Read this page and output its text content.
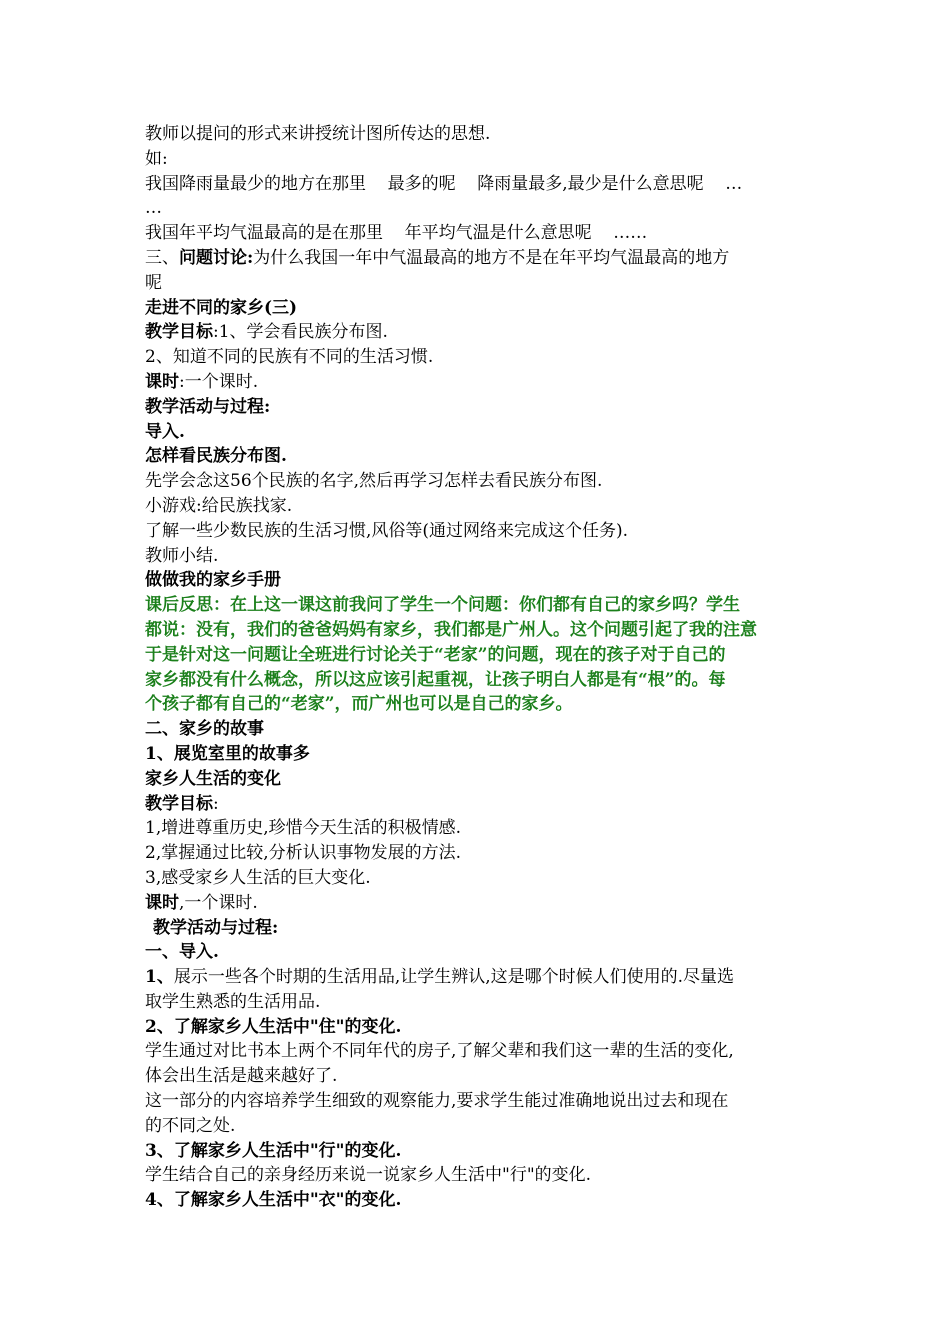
教师以提问的形式来讲授统计图所传达的思想.
如:
我国降雨量最少的地方在那里    最多的呢    降雨量最多,最少是什么意思呢    …
…
我国年平均气温最高的是在那里    年平均气温是什么意思呢    ……
三、问题讨论:为什么我国一年中气温最高的地方不是在年平均气温最高的地方
呢
走进不同的家乡(三)
教学目标:1、学会看民族分布图.
2、知道不同的民族有不同的生活习惯.
课时:一个课时.
教学活动与过程:
导入.
怎样看民族分布图.
先学会念这56个民族的名字,然后再学习怎样去看民族分布图.
小游戏:给民族找家.
了解一些少数民族的生活习惯,风俗等(通过网络来完成这个任务).
教师小结.
做做我的家乡手册
课后反思：在上这一课这前我问了学生一个问题：你们都有自己的家乡吗？学生
都说：没有，我们的爸爸妈妈有家乡，我们都是广州人。这个问题引起了我的注意
于是针对这一问题让全班进行讨论关于“老家”的问题，现在的孩子对于自己的
家乡都没有什么概念，所以这应该引起重视，让孩子明白人都是有“根”的。每
个孩子都有自己的“老家”，而广州也可以是自己的家乡。
二、家乡的故事
1、展览室里的故事多
家乡人生活的变化
教学目标:
1,增进尊重历史,珍惜今天生活的积极情感.
2,掌握通过比较,分析认识事物发展的方法.
3,感受家乡人生活的巨大变化.
课时,一个课时.
教学活动与过程:
一、导入.
1、展示一些各个时期的生活用品,让学生辨认,这是哪个时候人们使用的.尽量选
取学生熟悉的生活用品.
2、了解家乡人生活中"住"的变化.
学生通过对比书本上两个不同年代的房子,了解父辈和我们这一辈的生活的变化,
体会出生活是越来越好了.
这一部分的内容培养学生细致的观察能力,要求学生能过准确地说出过去和现在
的不同之处.
3、了解家乡人生活中"行"的变化.
学生结合自己的亲身经历来说一说家乡人生活中"行"的变化.
4、了解家乡人生活中"衣"的变化.
